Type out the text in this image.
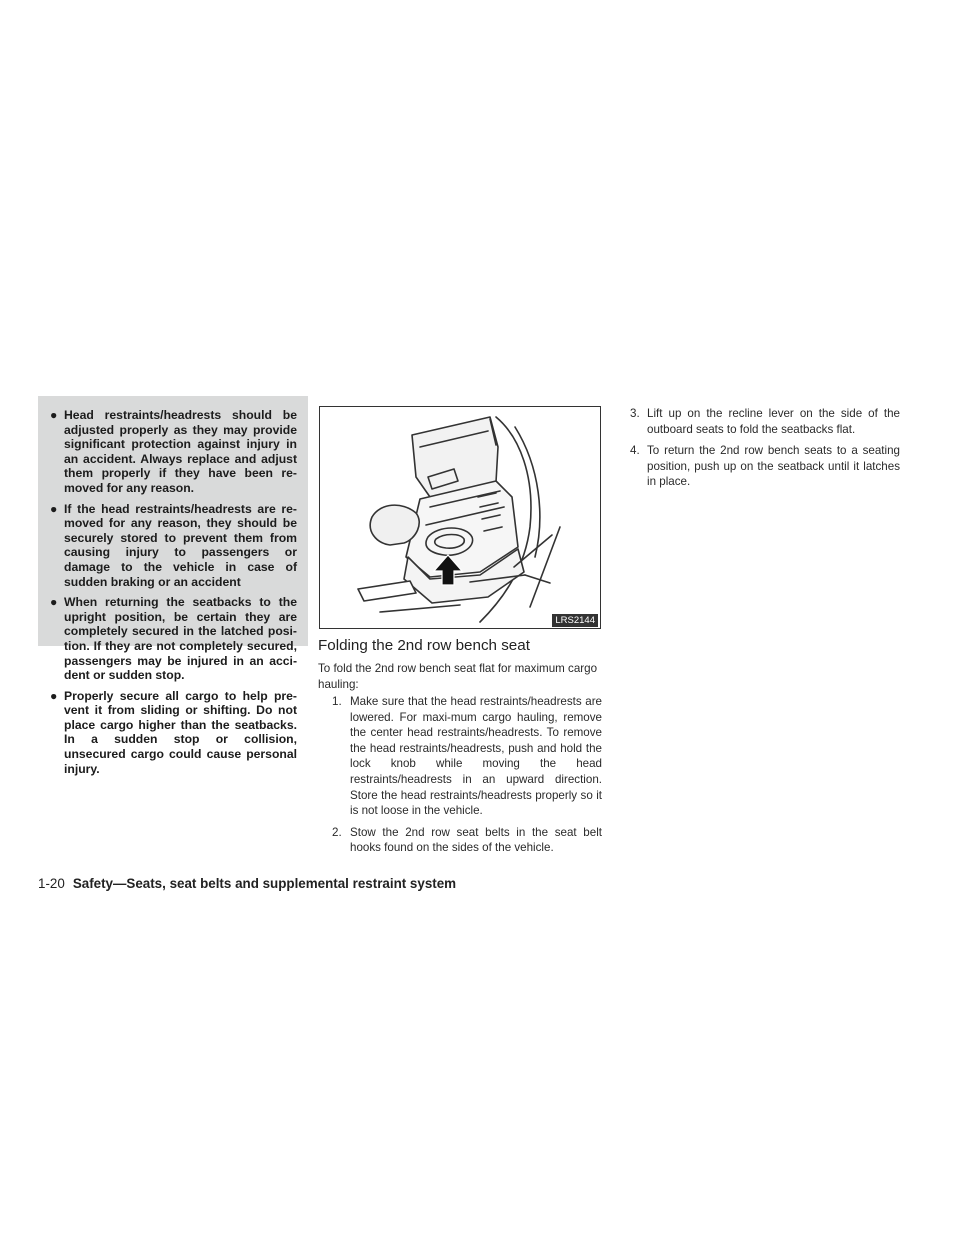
● Head restraints/headrests should be adjusted properly as they may provide significant protection against injury in an accident. Always replace and adjust them properly if they have been re-moved for any reason.
● If the head restraints/headrests are re-moved for any reason, they should be securely stored to prevent them from causing injury to passengers or damage to the vehicle in case of sudden braking or an accident
● When returning the seatbacks to the upright position, be certain they are completely secured in the latched posi-tion. If they are not completely secured, passengers may be injured in an acci-dent or sudden stop.
● Properly secure all cargo to help pre-vent it from sliding or shifting. Do not place cargo higher than the seatbacks. In a sudden stop or collision, unsecured cargo could cause personal injury.
LRS2144
Folding the 2nd row bench seat

To fold the 2nd row bench seat flat for maximum cargo hauling:

1. Make sure that the head restraints/headrests are lowered. For maxi-mum cargo hauling, remove the center head restraints/headrests. To remove the head restraints/headrests, push and hold the lock knob while moving the head restraints/headrests in an upward direction. Store the head restraints/headrests properly so it is not loose in the vehicle.
2. Stow the 2nd row seat belts in the seat belt hooks found on the sides of the vehicle.
3. Lift up on the recline lever on the side of the outboard seats to fold the seatbacks flat.
4. To return the 2nd row bench seats to a seating position, push up on the seatback until it latches in place.
1-20 Safety—Seats, seat belts and supplemental restraint system
